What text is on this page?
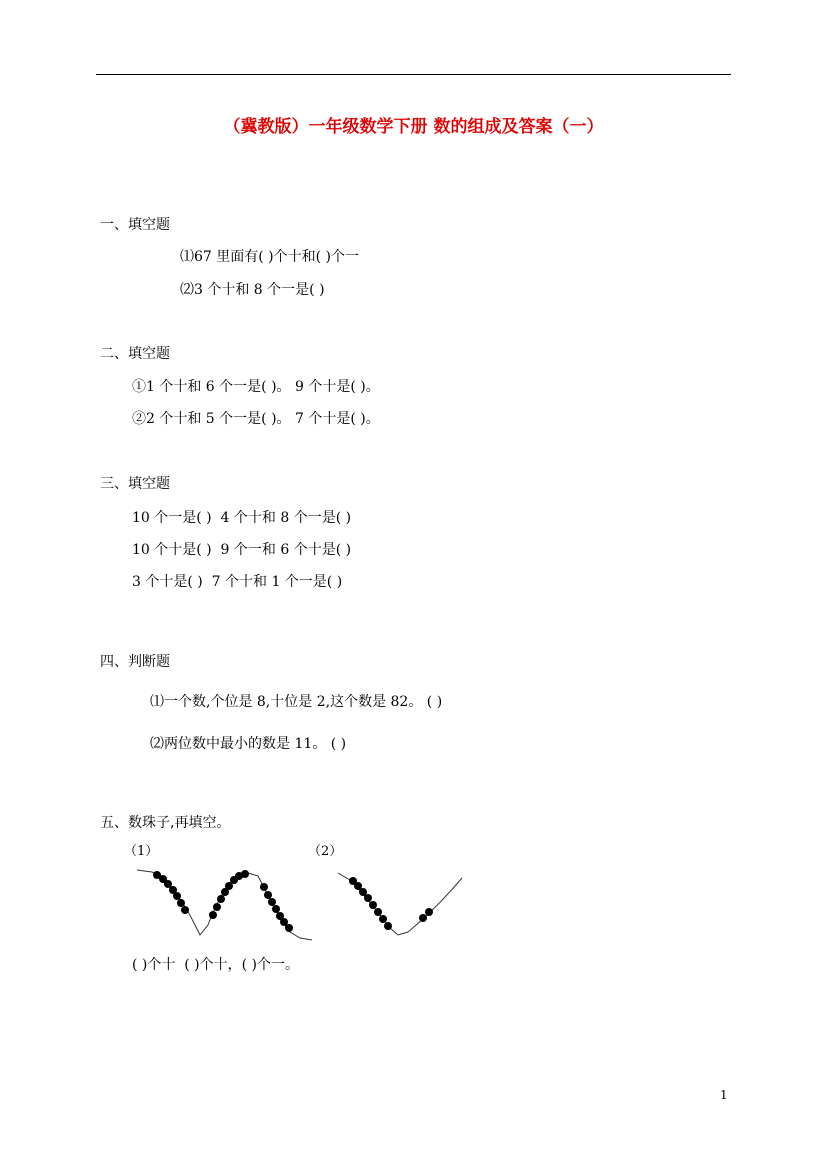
（冀教版）一年级数学下册 数的组成及答案（一）
一、填空题
⑴67 里面有( )个十和( )个一
⑵3 个十和 8 个一是( )
二、填空题
①1 个十和 6 个一是( )。 9 个十是( )。
②2 个十和 5 个一是( )。 7 个十是( )。
三、填空题
10 个一是( )  4 个十和 8 个一是( )
10 个十是( )  9 个一和 6 个十是( )
3 个十是( )  7 个十和 1 个一是( )
四、判断题
⑴一个数,个位是 8,十位是 2,这个数是 82。 ( )
⑵两位数中最小的数是 11。 ( )
五、数珠子,再填空。
（1）	（2）
( )个十  ( )个十，( )个一。
1
